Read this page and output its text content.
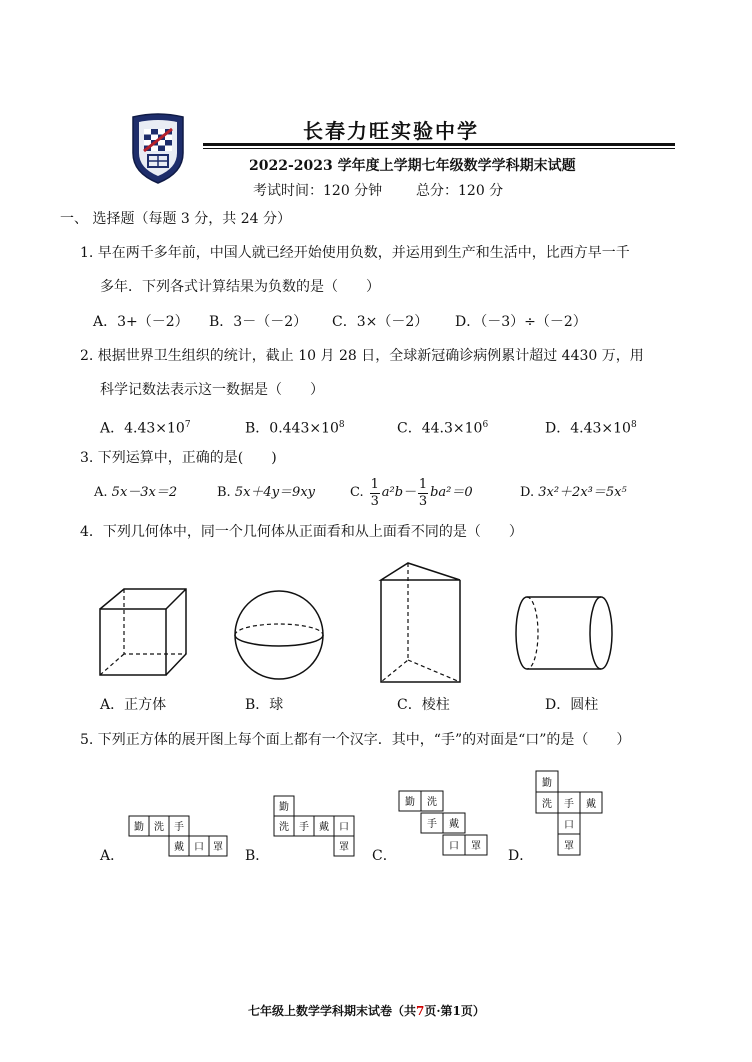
长春力旺实验中学
2022-2023 学年度上学期七年级数学学科期末试题
考试时间：120 分钟 总分：120 分
一、 选择题（每题 3 分，共 24 分）
1. 早在两千多年前，中国人就已经开始使用负数，并运用到生产和生活中，比西方早一千
多年．下列各式计算结果为负数的是（　　）
A．3+（－2） B．3－（－2） C．3×（－2） D．（－3）÷（－2）
2. 根据世界卫生组织的统计，截止 10 月 28 日，全球新冠确诊病例累计超过 4430 万，用
科学记数法表示这一数据是（　　）
A．$4.43\times 10^7$	B．$0.443\times 10^8$	C．$44.3\times 10^6$	D．$4.43\times 10^8$
3. 下列运算中，正确的是(　　)
A. 5x－3x＝2	B. 5x＋4y＝9xy	C.

1
3
a²b－
1
3
ba²＝0	D. 3x²＋2x³＝5x⁵
4．下列几何体中，同一个几何体从正面看和从上面看不同的是（　　）
A．正方体	B．球	C．棱柱	D．圆柱
5. 下列正方体的展开图上每个面上都有一个汉字．其中，“手”的对面是“口”的是（　　）
A．
勤 洗 手
戴 口 罩
B．
勤
洗 手 戴 口
罩
C．
勤 洗
手 戴
口 罩
D．
勤
洗 手 戴
口
罩
七年级上数学学科期末试卷（共7页·第1页）
